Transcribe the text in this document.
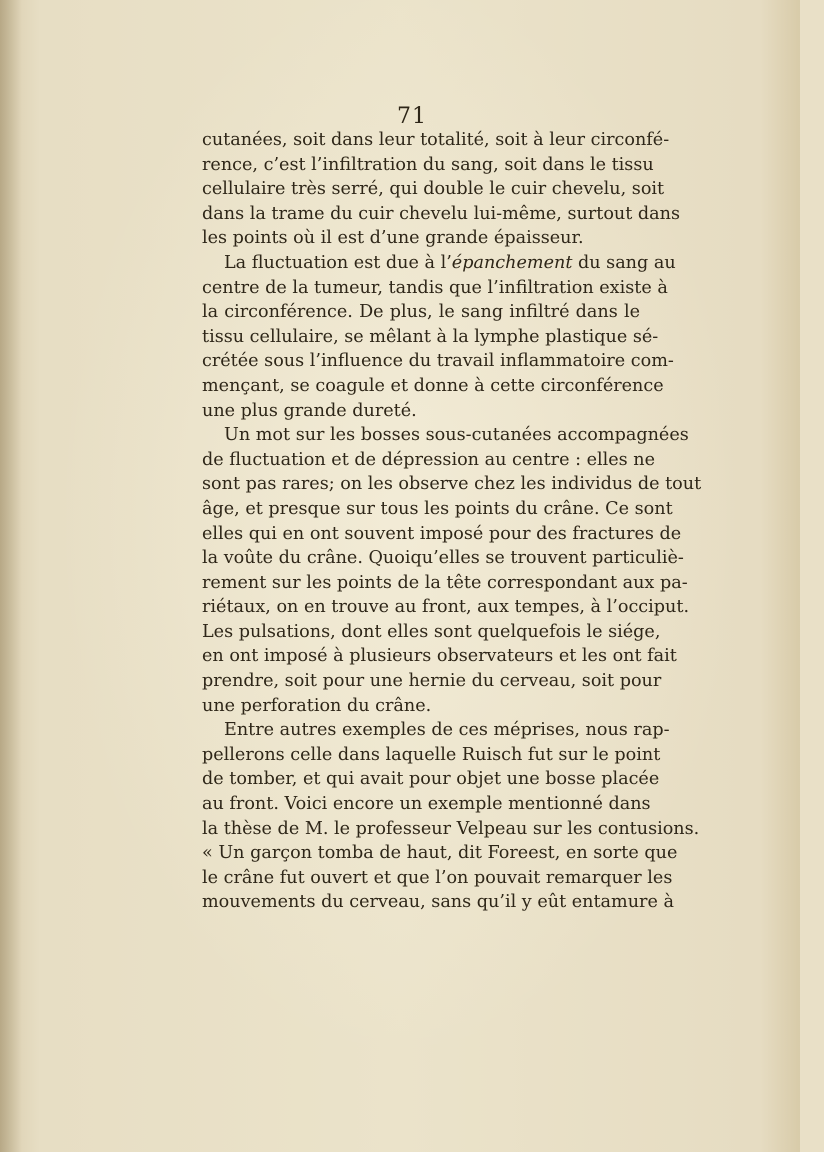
71
cutanées, soit dans leur totalité, soit à leur circonfé-
rence, c’est l’infiltration du sang, soit dans le tissu
cellulaire très serré, qui double le cuir chevelu, soit
dans la trame du cuir chevelu lui-même, surtout dans
les points où il est d’une grande épaisseur.
La fluctuation est due à l’épanchement du sang au
centre de la tumeur, tandis que l’infiltration existe à
la circonférence. De plus, le sang infiltré dans le
tissu cellulaire, se mêlant à la lymphe plastique sé-
crétée sous l’influence du travail inflammatoire com-
mençant, se coagule et donne à cette circonférence
une plus grande dureté.
Un mot sur les bosses sous-cutanées accompagnées
de fluctuation et de dépression au centre : elles ne
sont pas rares; on les observe chez les individus de tout
âge, et presque sur tous les points du crâne. Ce sont
elles qui en ont souvent imposé pour des fractures de
la voûte du crâne. Quoiqu’elles se trouvent particuliè-
rement sur les points de la tête correspondant aux pa-
riétaux, on en trouve au front, aux tempes, à l’occiput.
Les pulsations, dont elles sont quelquefois le siége,
en ont imposé à plusieurs observateurs et les ont fait
prendre, soit pour une hernie du cerveau, soit pour
une perforation du crâne.
Entre autres exemples de ces méprises, nous rap-
pellerons celle dans laquelle Ruisch fut sur le point
de tomber, et qui avait pour objet une bosse placée
au front. Voici encore un exemple mentionné dans
la thèse de M. le professeur Velpeau sur les contusions.
« Un garçon tomba de haut, dit Foreest, en sorte que
le crâne fut ouvert et que l’on pouvait remarquer les
mouvements du cerveau, sans qu’il y eût entamure à
